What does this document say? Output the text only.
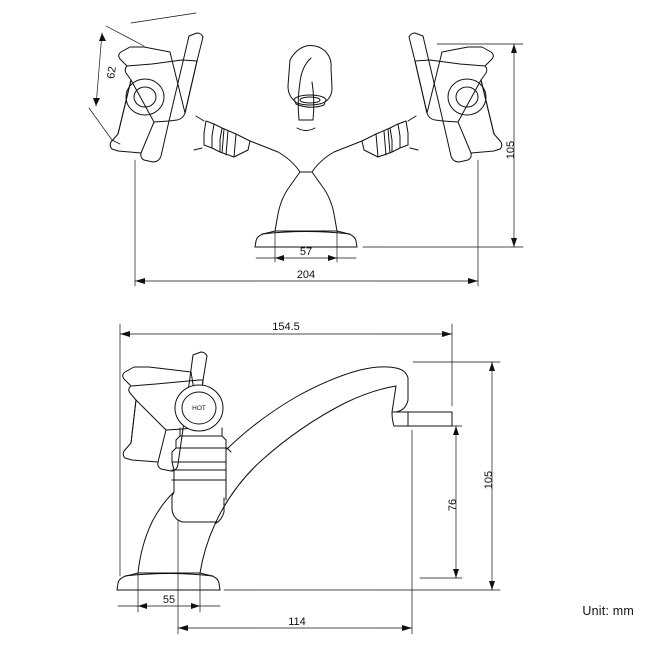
HOT
62
105
57
204
154.5
105
76
55
114
Unit: mm
